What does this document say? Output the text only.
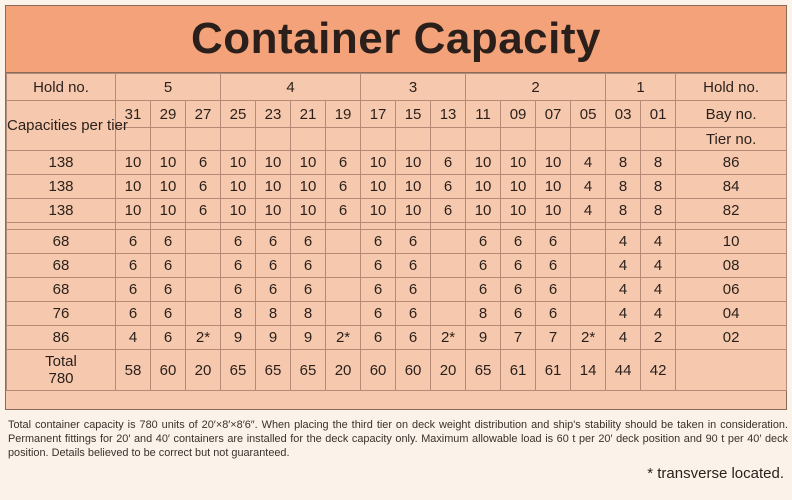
Container Capacity
Hold no.	5			4				3			2				1		Hold no.
Capacities per tier	31	29	27	25	23	21	19	17	15	13	11	09	07	05	03	01	Bay no.
																	Tier no.
138	10	10	6	10	10	10	6	10	10	6	10	10	10	4	8	8	86
138	10	10	6	10	10	10	6	10	10	6	10	10	10	4	8	8	84
138	10	10	6	10	10	10	6	10	10	6	10	10	10	4	8	8	82

68	6	6		6	6	6		6	6		6	6	6		4	4	10
68	6	6		6	6	6		6	6		6	6	6		4	4	08
68	6	6		6	6	6		6	6		6	6	6		4	4	06
76	6	6		8	8	8		6	6		8	6	6		4	4	04
86	4	6	2*	9	9	9	2*	6	6	2*	9	7	7	2*	4	2	02

Total
780	58	60	20	65	65	65	20	60	60	20	65	61	61	14	44	42	
Total container capacity is 780 units of 20′×8′×8′6″. When placing the third tier on deck weight distribution and ship's stability should be taken in consideration. Permanent fittings for 20′ and 40′ containers are installed for the deck capacity only. Maximum allowable load is 60 t per 20′ deck position and 90 t per 40′ deck position. Details believed to be correct but not guaranteed.
* transverse located.
